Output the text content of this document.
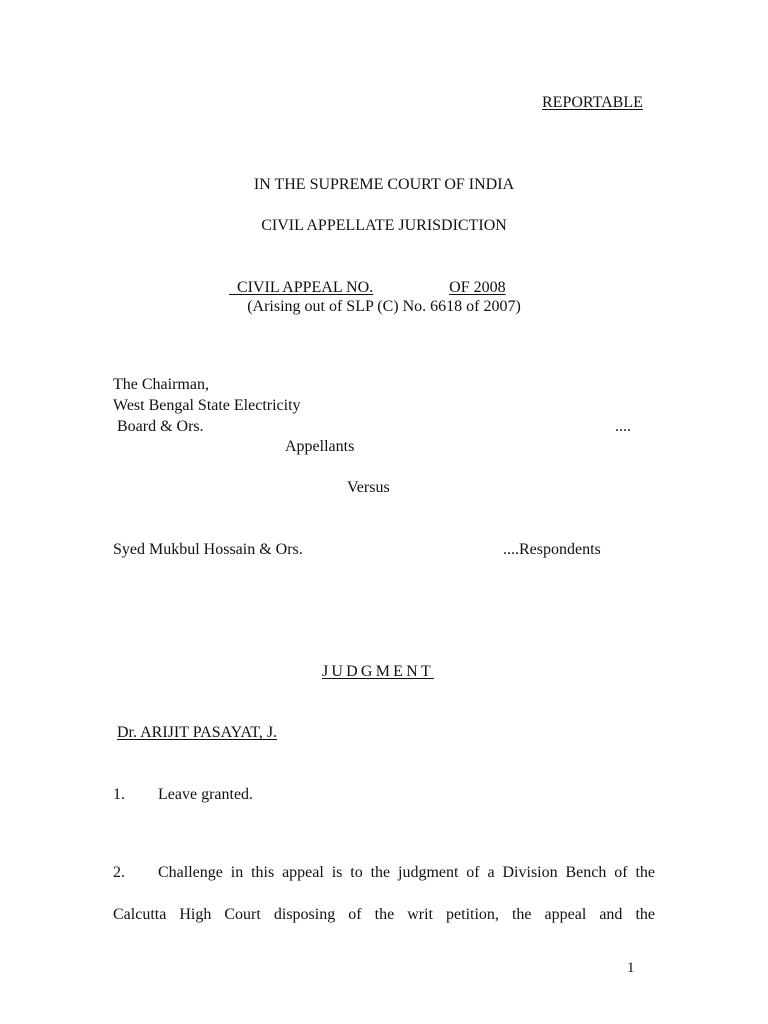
REPORTABLE
IN THE SUPREME COURT OF INDIA
CIVIL APPELLATE JURISDICTION

CIVIL APPEAL NO.	OF 2008

(Arising out of SLP (C) No. 6618 of 2007)
The Chairman,
West Bengal State Electricity
Board & Ors.	....
Appellants
Versus
Syed Mukbul Hossain & Ors.	....Respondents
JUDGMENT
Dr. ARIJIT PASAYAT, J.
1. Leave granted.
2. Challenge in this appeal is to the judgment of a Division Bench of the
Calcutta High Court disposing of the writ petition, the appeal and the
1
